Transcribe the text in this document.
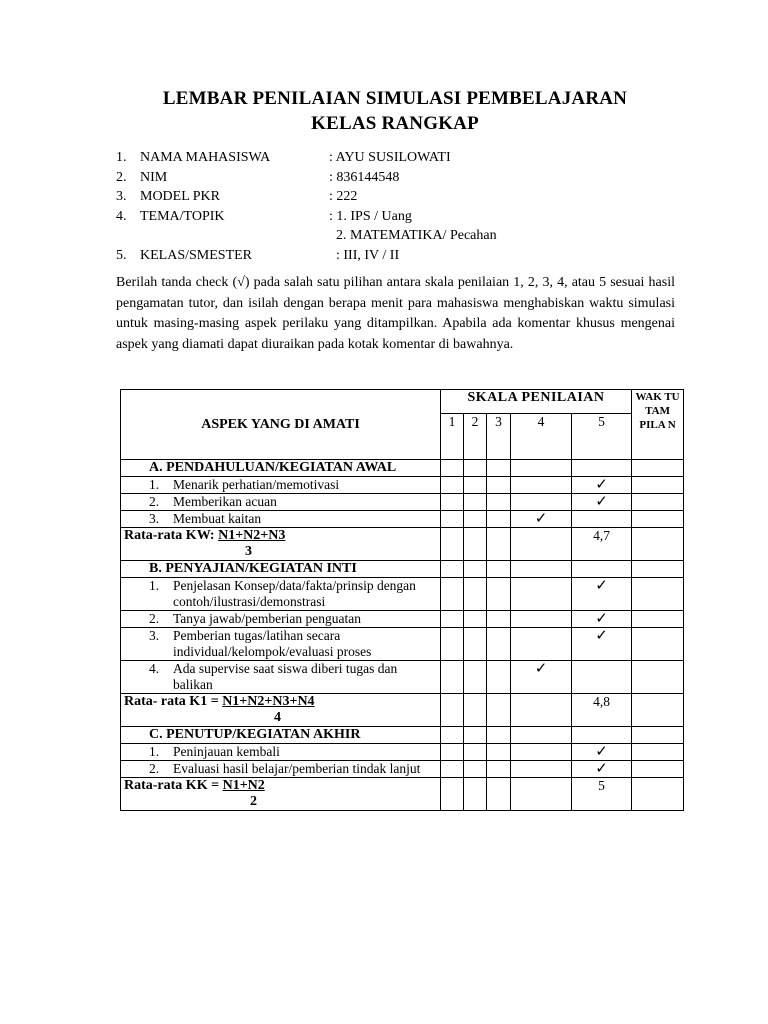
LEMBAR PENILAIAN SIMULASI PEMBELAJARAN
KELAS RANGKAP
1. NAMA MAHASISWA	: AYU SUSILOWATI
2. NIM	: 836144548
3. MODEL PKR	: 222
4. TEMA/TOPIK	: 1. IPS / Uang
2. MATEMATIKA/ Pecahan
5. KELAS/SMESTER	: III, IV / II
Berilah tanda check (√) pada salah satu pilihan antara skala penilaian 1, 2, 3, 4, atau 5 sesuai hasil pengamatan tutor, dan isilah dengan berapa menit para mahasiswa menghabiskan waktu simulasi untuk masing-masing aspek perilaku yang ditampilkan. Apabila ada komentar khusus mengenai aspek yang diamati dapat diuraikan pada kotak komentar di bawahnya.
ASPEK YANG DI AMATI	SKALA PENILAIAN					WAK TU TAM PILA N
	1	2	3	4	5	
A. PENDAHULUAN/KEGIATAN AWAL						

1. Menarik perhatian/memotivasi					✓	

2. Memberikan acuan					✓	

3. Membuat kaitan				✓		
Rata-rata KW: N1+N2+N3
3					4,7	
B. PENYAJIAN/KEGIATAN INTI						

1. Penjelasan Konsep/data/fakta/prinsip dengan contoh/ilustrasi/demonstrasi					✓	

2. Tanya jawab/pemberian penguatan					✓	

3. Pemberian tugas/latihan secara individual/kelompok/evaluasi proses					✓	

4. Ada supervise saat siswa diberi tugas dan balikan				✓		
Rata- rata K1 = N1+N2+N3+N4
4					4,8	
C. PENUTUP/KEGIATAN AKHIR						

1. Peninjauan kembali					✓	

2. Evaluasi hasil belajar/pemberian tindak lanjut					✓	
Rata-rata KK = N1+N2
2					5	
